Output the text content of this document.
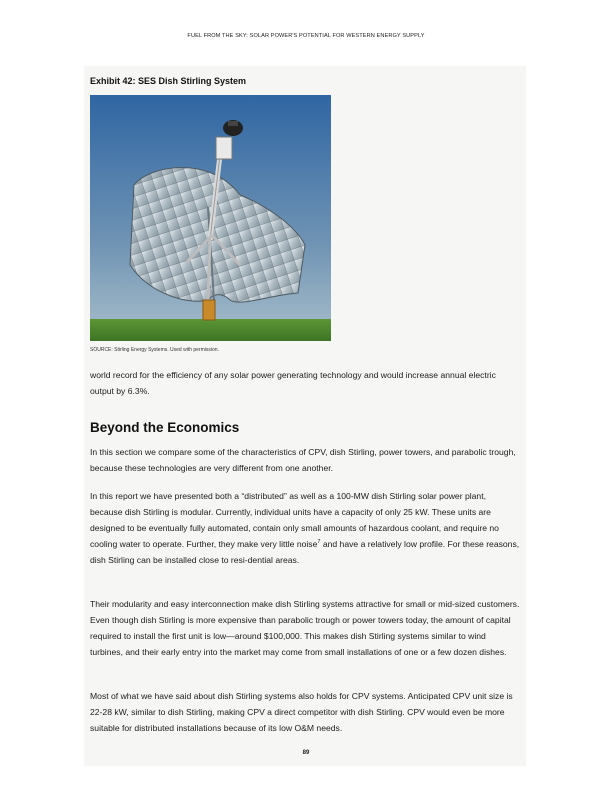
FUEL FROM THE SKY: SOLAR POWER'S POTENTIAL FOR WESTERN ENERGY SUPPLY
Exhibit 42: SES Dish Stirling System
SOURCE: Stirling Energy Systems. Used with permission.

world record for the efficiency of any solar power generating technology and would increase annual electric output by 6.3%.

Beyond the Economics

In this section we compare some of the characteristics of CPV, dish Stirling, power towers, and parabolic trough, because these technologies are very different from one another.

In this report we have presented both a “distributed” as well as a 100-MW dish Stirling solar power plant, because dish Stirling is modular. Currently, individual units have a capacity of only 25 kW. These units are designed to be eventually fully automated, contain only small amounts of hazardous coolant, and require no cooling water to operate. Further, they make very little noise$^7$ and have a relatively low profile. For these reasons, dish Stirling can be installed close to resi-dential areas.

Their modularity and easy interconnection make dish Stirling systems attractive for small or mid-sized customers. Even though dish Stirling is more expensive than parabolic trough or power towers today, the amount of capital required to install the first unit is low—around $100,000. This makes dish Stirling systems similar to wind turbines, and their early entry into the market may come from small installations of one or a few dozen dishes.

Most of what we have said about dish Stirling systems also holds for CPV systems. Anticipated CPV unit size is 22-28 kW, similar to dish Stirling, making CPV a direct competitor with dish Stirling. CPV would even be more suitable for distributed installations because of its low O&M needs.

89
